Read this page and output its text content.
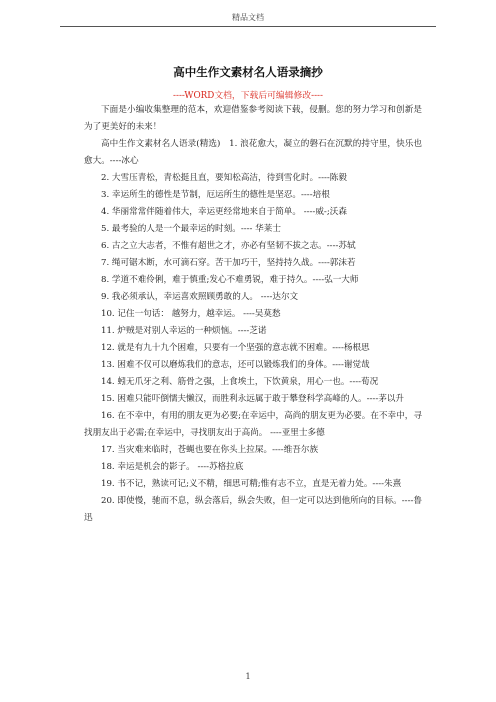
精品文档
高中生作文素材名人语录摘抄
----WORD文档，下载后可编辑修改----

下面是小编收集整理的范本，欢迎借鉴参考阅读下载，侵删。您的努力学习和创新是为了更美好的未来！

高中生作文素材名人语录(精选)　1. 浪花愈大，凝立的磐石在沉默的持守里，快乐也愈大。----冰心

2. 大雪压青松，青松挺且直，要知松高洁，待到雪化时。----陈毅

3. 幸运所生的德性是节制，厄运所生的德性是坚忍。----培根

4. 华丽常常伴随着伟大，幸运更经常地来自于简单。 ----威-;沃森

5. 最考验的人是一个最幸运的时刻。---- 华莱士

6. 古之立大志者，不惟有超世之才，亦必有坚韧不拔之志。----苏轼

7. 绳可锯木断，水可滴石穿。苦干加巧干，坚持持久战。----郭沫若

8. 学道不难伶俐，难于慎重;发心不难勇锐，难于持久。----弘一大师

9. 我必须承认，幸运喜欢照顾勇敢的人。 ----达尔文

10. 记住一句话： 越努力，越幸运。 ----吴莫愁

11. 炉贼是对别人幸运的一种烦恼。----芝诺

12. 就是有九十九个困难，只要有一个坚强的意志就不困难。----杨根思

13. 困难不仅可以磨炼我们的意志，还可以锻炼我们的身体。----谢觉哉

14. 蚓无爪牙之利、筋骨之强，上食埃土，下饮黄泉，用心一也。----荀况

15. 困难只能吓倒懦夫懒汉，而胜利永远属于敢于攀登科学高峰的人。----茅以升

16. 在不幸中，有用的朋友更为必要;在幸运中，高尚的朋友更为必要。在不幸中，寻找朋友出于必需;在幸运中，寻找朋友出于高尚。 ----亚里士多德

17. 当灾难来临时，苍蝇也要在你头上拉屎。----维吾尔族

18. 幸运是机会的影子。 ----苏格拉底

19. 书不记，熟读可记;义不精，细思可精;惟有志不立，直是无着力处。----朱熹

20. 即使慢，驰而不息，纵会落后，纵会失败，但一定可以达到他所向的目标。----鲁迅

1
